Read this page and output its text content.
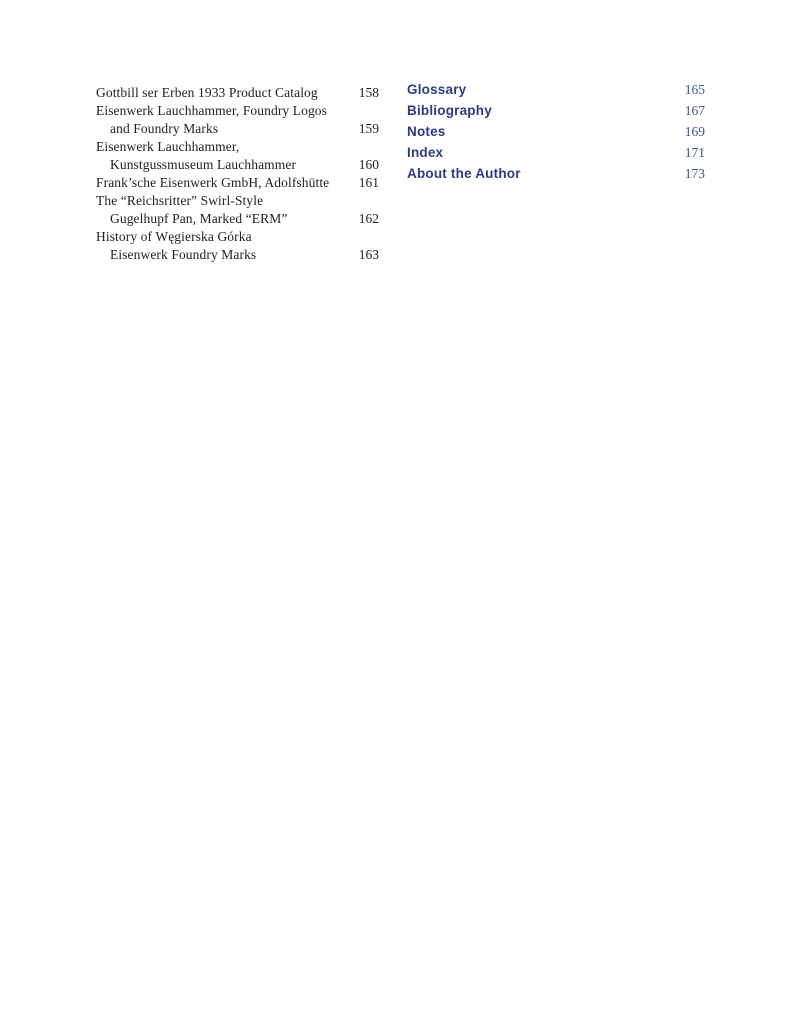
Gottbill ser Erben 1933 Product Catalog	158
Eisenwerk Lauchhammer, Foundry Logos
and Foundry Marks	159
Eisenwerk Lauchhammer,
Kunstgussmuseum Lauchhammer	160
Frank’sche Eisenwerk GmbH, Adolfshütte	161
The “Reichsritter” Swirl-Style
Gugelhupf Pan, Marked “ERM”	162
History of Węgierska Górka
Eisenwerk Foundry Marks	163
Glossary	165
Bibliography	167
Notes	169
Index	171
About the Author	173
